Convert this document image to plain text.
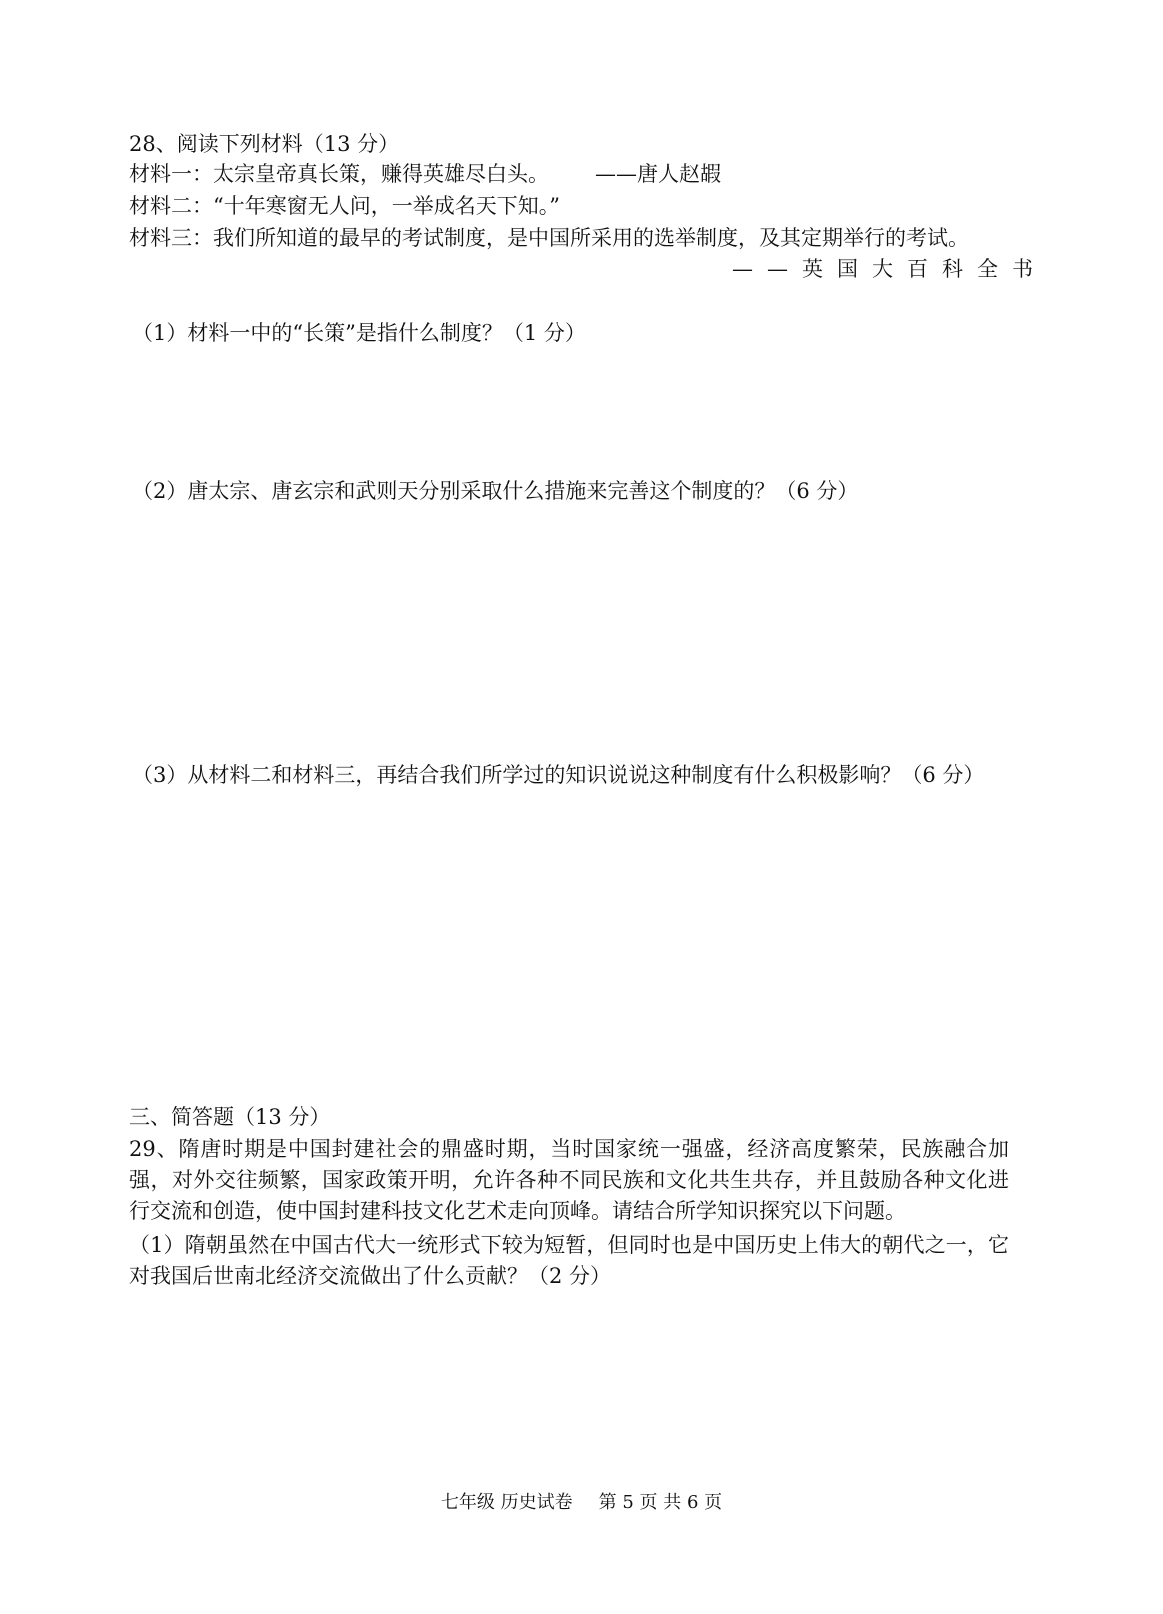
28、阅读下列材料（13 分）
材料一：太宗皇帝真长策，赚得英雄尽白头。 ——唐人赵嘏
材料二：“十年寒窗无人问，一举成名天下知。”
材料三：我们所知道的最早的考试制度，是中国所采用的选举制度，及其定期举行的考试。
——英国大百科全书
（1）材料一中的“长策”是指什么制度？（1 分）
（2）唐太宗、唐玄宗和武则天分别采取什么措施来完善这个制度的？（6 分）
（3）从材料二和材料三，再结合我们所学过的知识说说这种制度有什么积极影响？（6 分）
三、简答题（13 分）
29、隋唐时期是中国封建社会的鼎盛时期，当时国家统一强盛，经济高度繁荣，民族融合加强，对外交往频繁，国家政策开明，允许各种不同民族和文化共生共存，并且鼓励各种文化进行交流和创造，使中国封建科技文化艺术走向顶峰。请结合所学知识探究以下问题。
（1）隋朝虽然在中国古代大一统形式下较为短暂，但同时也是中国历史上伟大的朝代之一，它对我国后世南北经济交流做出了什么贡献？（2 分）
七年级 历史试卷 第 5 页 共 6 页
